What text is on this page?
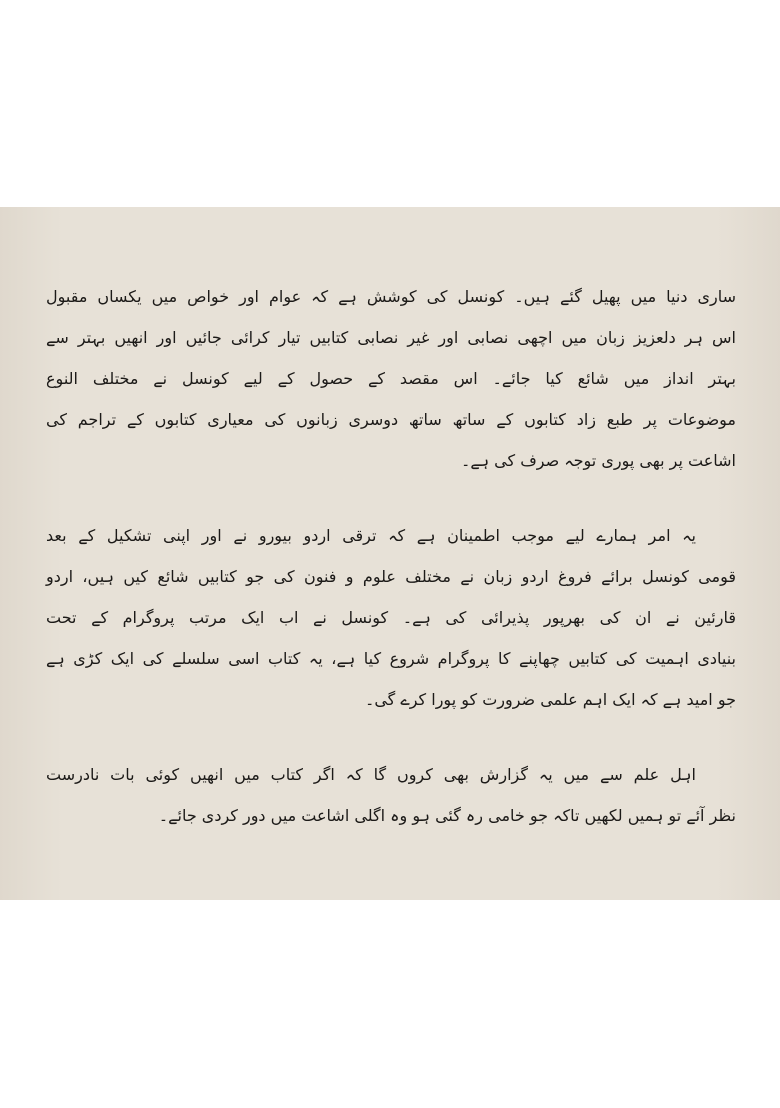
ساری دنیا میں پھیل گئے ہیں۔ کونسل کی کوشش ہے کہ عوام اور خواص میں یکساں مقبول
اس ہر دلعزیز زبان میں اچھی نصابی اور غیر نصابی کتابیں تیار کرائی جائیں اور انھیں بہتر سے
بہتر انداز میں شائع کیا جائے۔ اس مقصد کے حصول کے لیے کونسل نے مختلف النوع
موضوعات پر طبع زاد کتابوں کے ساتھ ساتھ دوسری زبانوں کی معیاری کتابوں کے تراجم کی
اشاعت پر بھی پوری توجہ صرف کی ہے۔
یہ امر ہمارے لیے موجب اطمینان ہے کہ ترقی اردو بیورو نے اور اپنی تشکیل کے بعد
قومی کونسل برائے فروغ اردو زبان نے مختلف علوم و فنون کی جو کتابیں شائع کیں ہیں، اردو
قارئین نے ان کی بھرپور پذیرائی کی ہے۔ کونسل نے اب ایک مرتب پروگرام کے تحت
بنیادی اہمیت کی کتابیں چھاپنے کا پروگرام شروع کیا ہے، یہ کتاب اسی سلسلے کی ایک کڑی ہے
جو امید ہے کہ ایک اہم علمی ضرورت کو پورا کرے گی۔
اہل علم سے میں یہ گزارش بھی کروں گا کہ اگر کتاب میں انھیں کوئی بات نادرست
نظر آئے تو ہمیں لکھیں تاکہ جو خامی رہ گئی ہو وہ اگلی اشاعت میں دور کردی جائے۔
